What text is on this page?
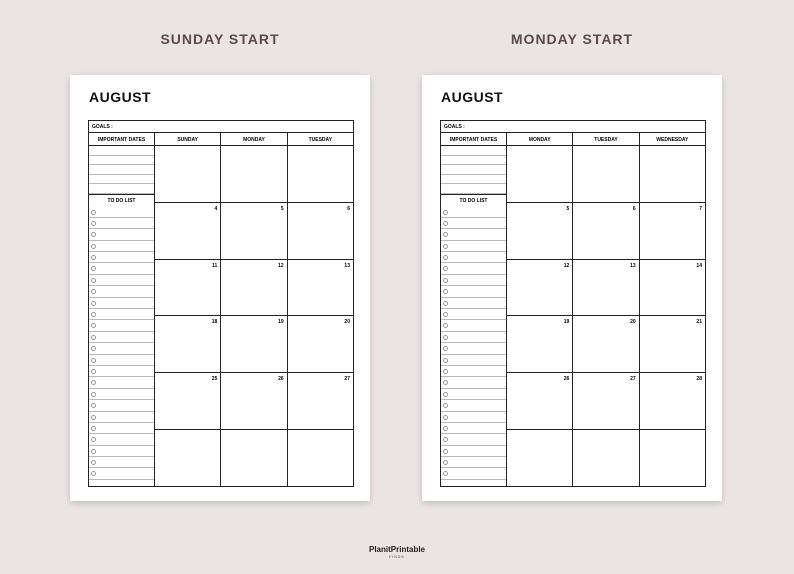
SUNDAY START	MONDAY START
AUGUST
GOALS :
IMPORTANT DATES
TO DO LIST
SUNDAY	MONDAY	TUESDAY
4	5	6
11	12	13
18	19	20
25	26	27
AUGUST
GOALS :
IMPORTANT DATES
TO DO LIST
MONDAY	TUESDAY	WEDNESDAY
5	6	7
12	13	14
19	20	21
26	27	28
PlanitPrintable
FINDS
